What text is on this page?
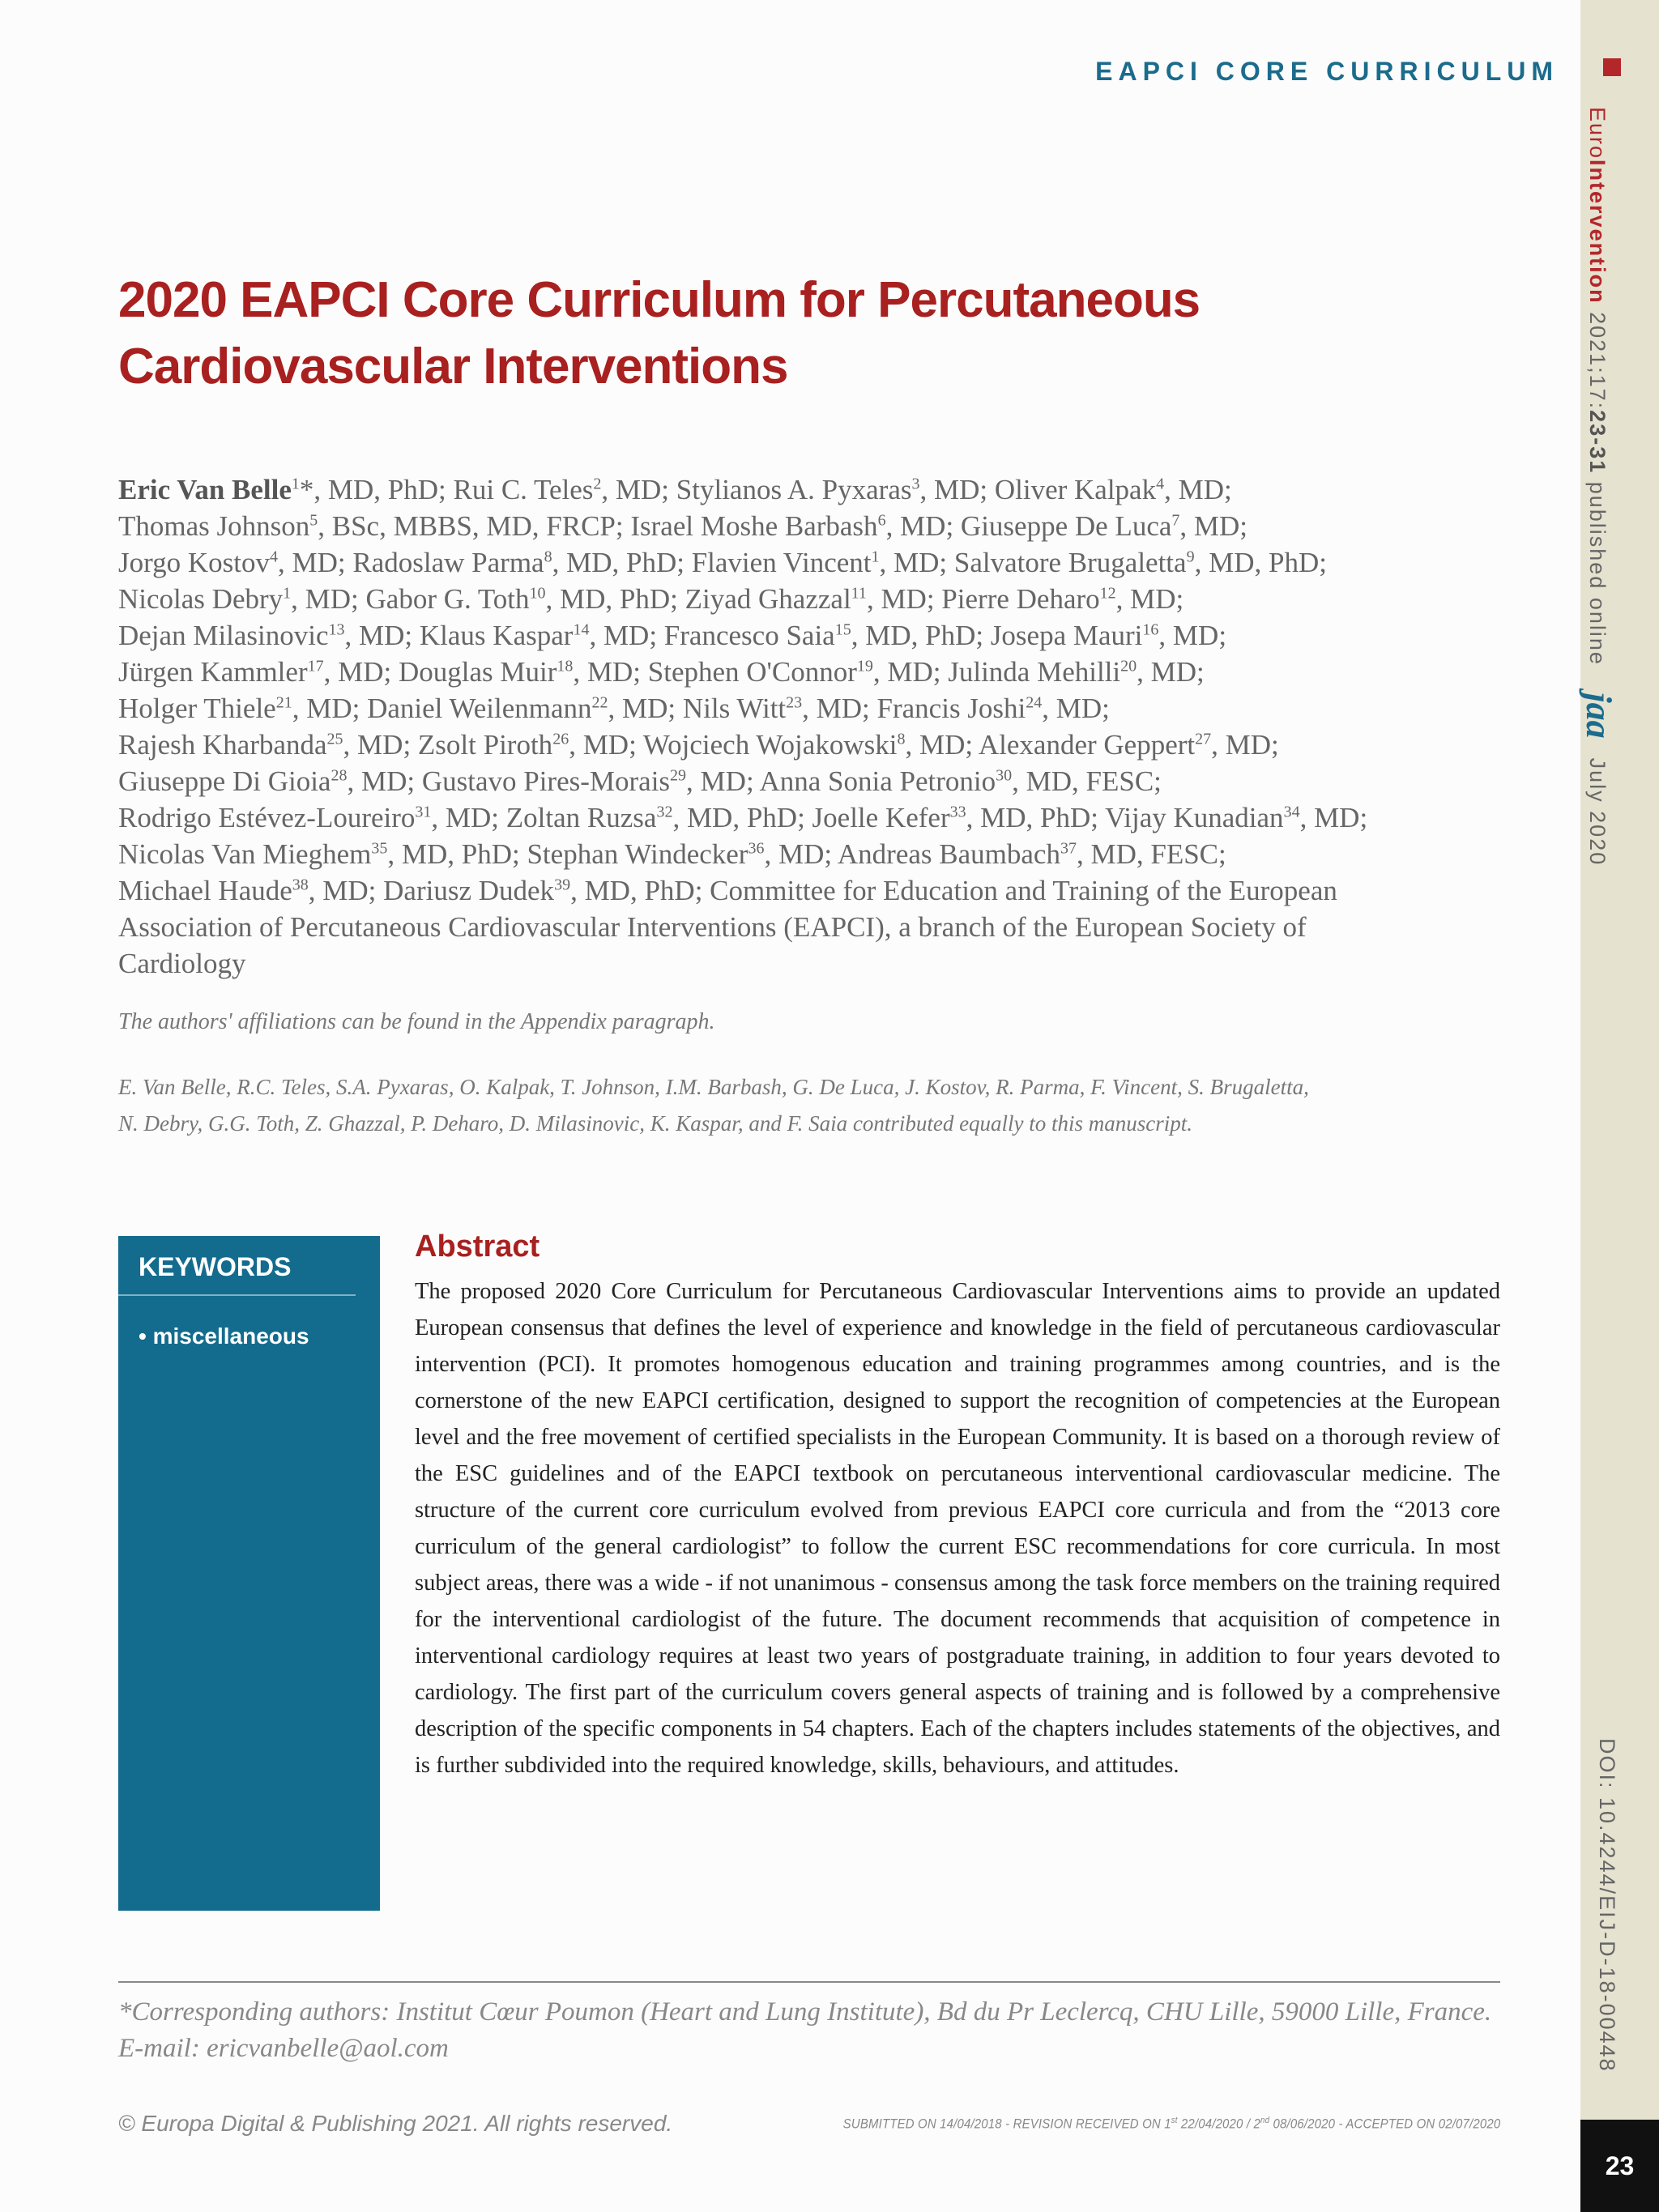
EAPCI CORE CURRICULUM
EuroIntervention 2021;17:23-31 published online jaaJuly 2020
DOI: 10.4244/EIJ-D-18-00448
23
2020 EAPCI Core Curriculum for Percutaneous
Cardiovascular Interventions
Eric Van Belle$^1$*, MD, PhD; Rui C. Teles$^2$, MD; Stylianos A. Pyxaras$^3$, MD; Oliver Kalpak$^4$, MD;
Thomas Johnson$^5$, BSc, MBBS, MD, FRCP; Israel Moshe Barbash$^6$, MD; Giuseppe De Luca$^7$, MD;
Jorgo Kostov$^4$, MD; Radoslaw Parma$^8$, MD, PhD; Flavien Vincent$^1$, MD; Salvatore Brugaletta$^9$, MD, PhD;
Nicolas Debry$^1$, MD; Gabor G. Toth$^{10}$, MD, PhD; Ziyad Ghazzal$^{11}$, MD; Pierre Deharo$^{12}$, MD;
Dejan Milasinovic$^{13}$, MD; Klaus Kaspar$^{14}$, MD; Francesco Saia$^{15}$, MD, PhD; Josepa Mauri$^{16}$, MD;
Jürgen Kammler$^{17}$, MD; Douglas Muir$^{18}$, MD; Stephen O'Connor$^{19}$, MD; Julinda Mehilli$^{20}$, MD;
Holger Thiele$^{21}$, MD; Daniel Weilenmann$^{22}$, MD; Nils Witt$^{23}$, MD; Francis Joshi$^{24}$, MD;
Rajesh Kharbanda$^{25}$, MD; Zsolt Piroth$^{26}$, MD; Wojciech Wojakowski$^8$, MD; Alexander Geppert$^{27}$, MD;
Giuseppe Di Gioia$^{28}$, MD; Gustavo Pires-Morais$^{29}$, MD; Anna Sonia Petronio$^{30}$, MD, FESC;
Rodrigo Estévez-Loureiro$^{31}$, MD; Zoltan Ruzsa$^{32}$, MD, PhD; Joelle Kefer$^{33}$, MD, PhD; Vijay Kunadian$^{34}$, MD;
Nicolas Van Mieghem$^{35}$, MD, PhD; Stephan Windecker$^{36}$, MD; Andreas Baumbach$^{37}$, MD, FESC;
Michael Haude$^{38}$, MD; Dariusz Dudek$^{39}$, MD, PhD; Committee for Education and Training of the European
Association of Percutaneous Cardiovascular Interventions (EAPCI), a branch of the European Society of
Cardiology
The authors' affiliations can be found in the Appendix paragraph.
E. Van Belle, R.C. Teles, S.A. Pyxaras, O. Kalpak, T. Johnson, I.M. Barbash, G. De Luca, J. Kostov, R. Parma, F. Vincent, S. Brugaletta,
N. Debry, G.G. Toth, Z. Ghazzal, P. Deharo, D. Milasinovic, K. Kaspar, and F. Saia contributed equally to this manuscript.
KEYWORDS
• miscellaneous
Abstract

The proposed 2020 Core Curriculum for Percutaneous Cardiovascular Interventions aims to provide an updated European consensus that defines the level of experience and knowledge in the field of percutaneous cardiovascular intervention (PCI). It promotes homogenous education and training programmes among countries, and is the cornerstone of the new EAPCI certification, designed to support the recognition of competencies at the European level and the free movement of certified specialists in the European Community. It is based on a thorough review of the ESC guidelines and of the EAPCI textbook on percutaneous interventional cardiovascular medicine. The structure of the current core curriculum evolved from previous EAPCI core curricula and from the “2013 core curriculum of the general cardiologist” to follow the current ESC recommendations for core curricula. In most subject areas, there was a wide - if not unanimous - consensus among the task force members on the training required for the interventional cardiologist of the future. The document recommends that acquisition of competence in interventional cardiology requires at least two years of postgraduate training, in addition to four years devoted to cardiology. The first part of the curriculum covers general aspects of training and is followed by a comprehensive description of the specific components in 54 chapters. Each of the chapters includes statements of the objectives, and is further subdivided into the required knowledge, skills, behaviours, and attitudes.

*Corresponding authors: Institut Cœur Poumon (Heart and Lung Institute), Bd du Pr Leclercq, CHU Lille, 59000 Lille, France.
E-mail: ericvanbelle@aol.com
© Europa Digital & Publishing 2021. All rights reserved.	SUBMITTED ON 14/04/2018 - REVISION RECEIVED ON 1st 22/04/2020 / 2nd 08/06/2020 - ACCEPTED ON 02/07/2020
